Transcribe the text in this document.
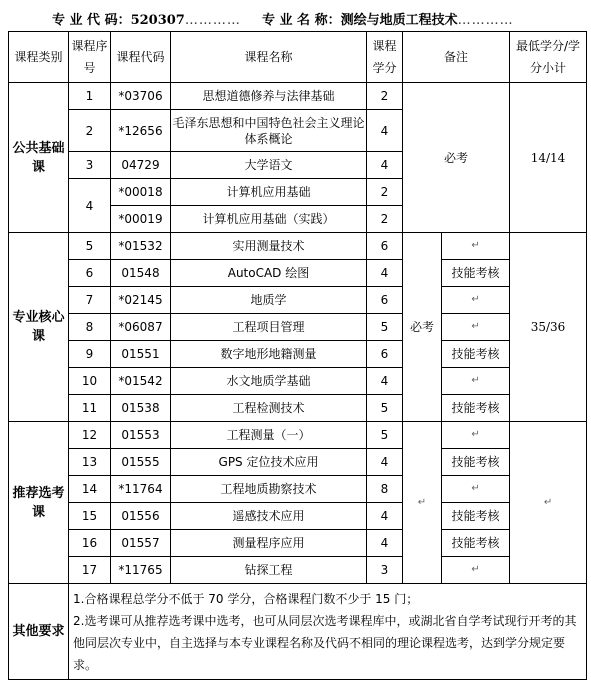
专 业 代 码：520307………… 专 业 名 称：测绘与地质工程技术…………
课程类别	课程序号	课程代码	课程名称	课程学分	备注		最低学分/学分小计
公共基础课	1	*03706	思想道德修养与法律基础	2	必考		14/14
	2	*12656	毛泽东思想和中国特色社会主义理论体系概论	4			
	3	04729	大学语文	4			
	4	*00018	计算机应用基础	2			
		*00019	计算机应用基础（实践）	2			
专业核心课	5	*01532	实用测量技术	6	必考	↵	35/36
	6	01548	AutoCAD 绘图	4		技能考核	
	7	*02145	地质学	6		↵	
	8	*06087	工程项目管理	5		↵	
	9	01551	数字地形地籍测量	6		技能考核	
	10	*01542	水文地质学基础	4		↵	
	11	01538	工程检测技术	5		技能考核	
推荐选考课	12	01553	工程测量（一）	5	↵	↵	↵
	13	01555	GPS 定位技术应用	4		技能考核	
	14	*11764	工程地质勘察技术	8		↵	
	15	01556	遥感技术应用	4		技能考核	
	16	01557	测量程序应用	4		技能考核	
	17	*11765	钻探工程	3		↵	
其他要求	1.合格课程总学分不低于 70 学分，合格课程门数不少于 15 门；

2.选考课可从推荐选考课中选考，也可从同层次选考课程库中，或湖北省自学考试现行开考的其他同层次专业中，自主选择与本专业课程名称及代码不相同的理论课程选考，达到学分规定要求。						
